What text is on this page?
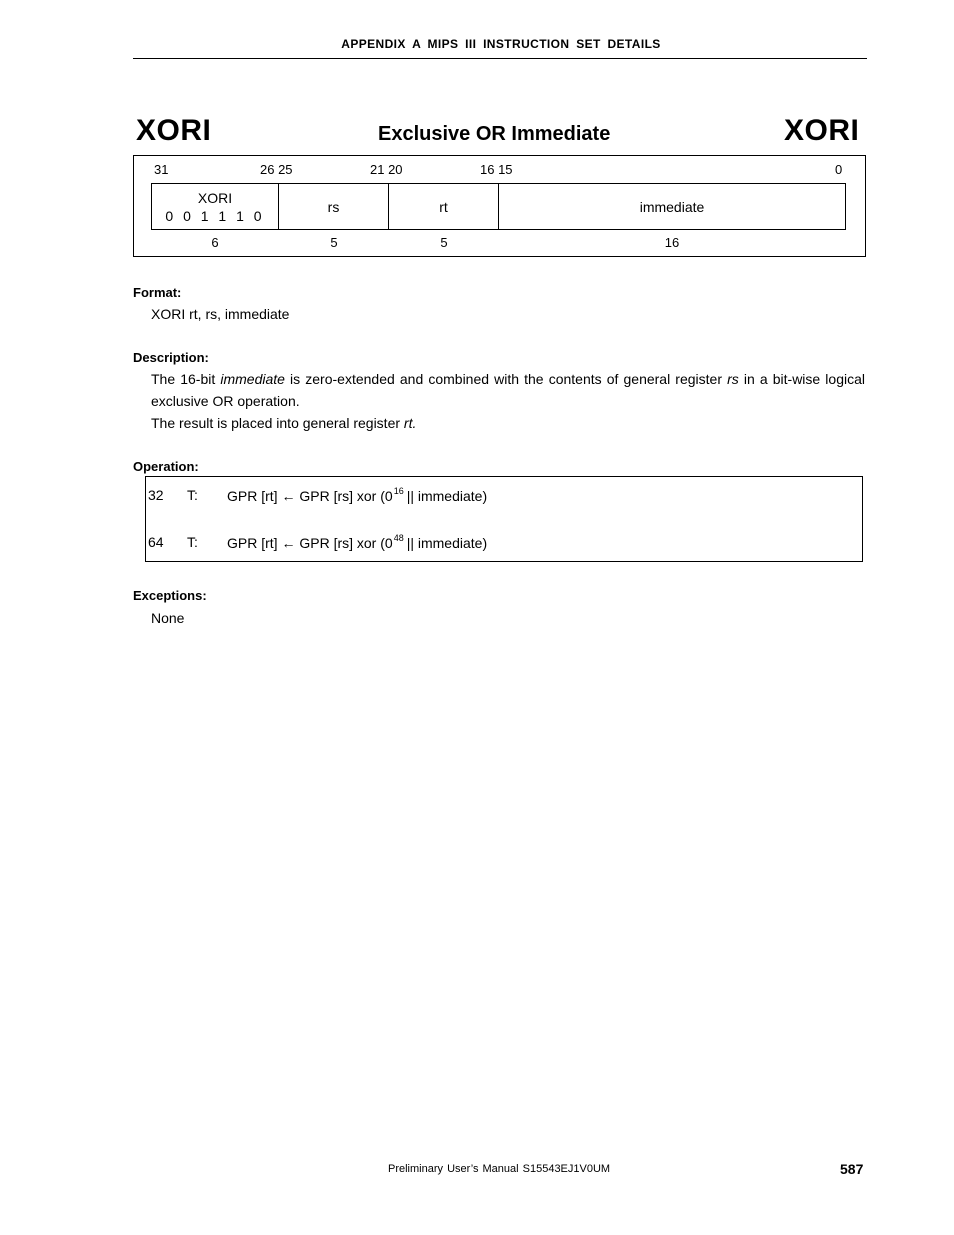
APPENDIX A MIPS III INSTRUCTION SET DETAILS
XORI	Exclusive OR Immediate	XORI
31	26 25	21 20	16 15	0
XORI
0 0 1 1 1 0
rs	rt	immediate
6	5	5	16
Format:
XORI rt, rs, immediate
Description:
The 16-bit immediate is zero-extended and combined with the contents of general register rs in a bit-wise logical exclusive OR operation.
The result is placed into general register rt.
Operation:
32 T: GPR [rt] ← GPR [rs] xor ($0^{16}$ || immediate)
64 T: GPR [rt] ← GPR [rs] xor ($0^{48}$ || immediate)
Exceptions:
None
Preliminary User’s Manual S15543EJ1V0UM	587
